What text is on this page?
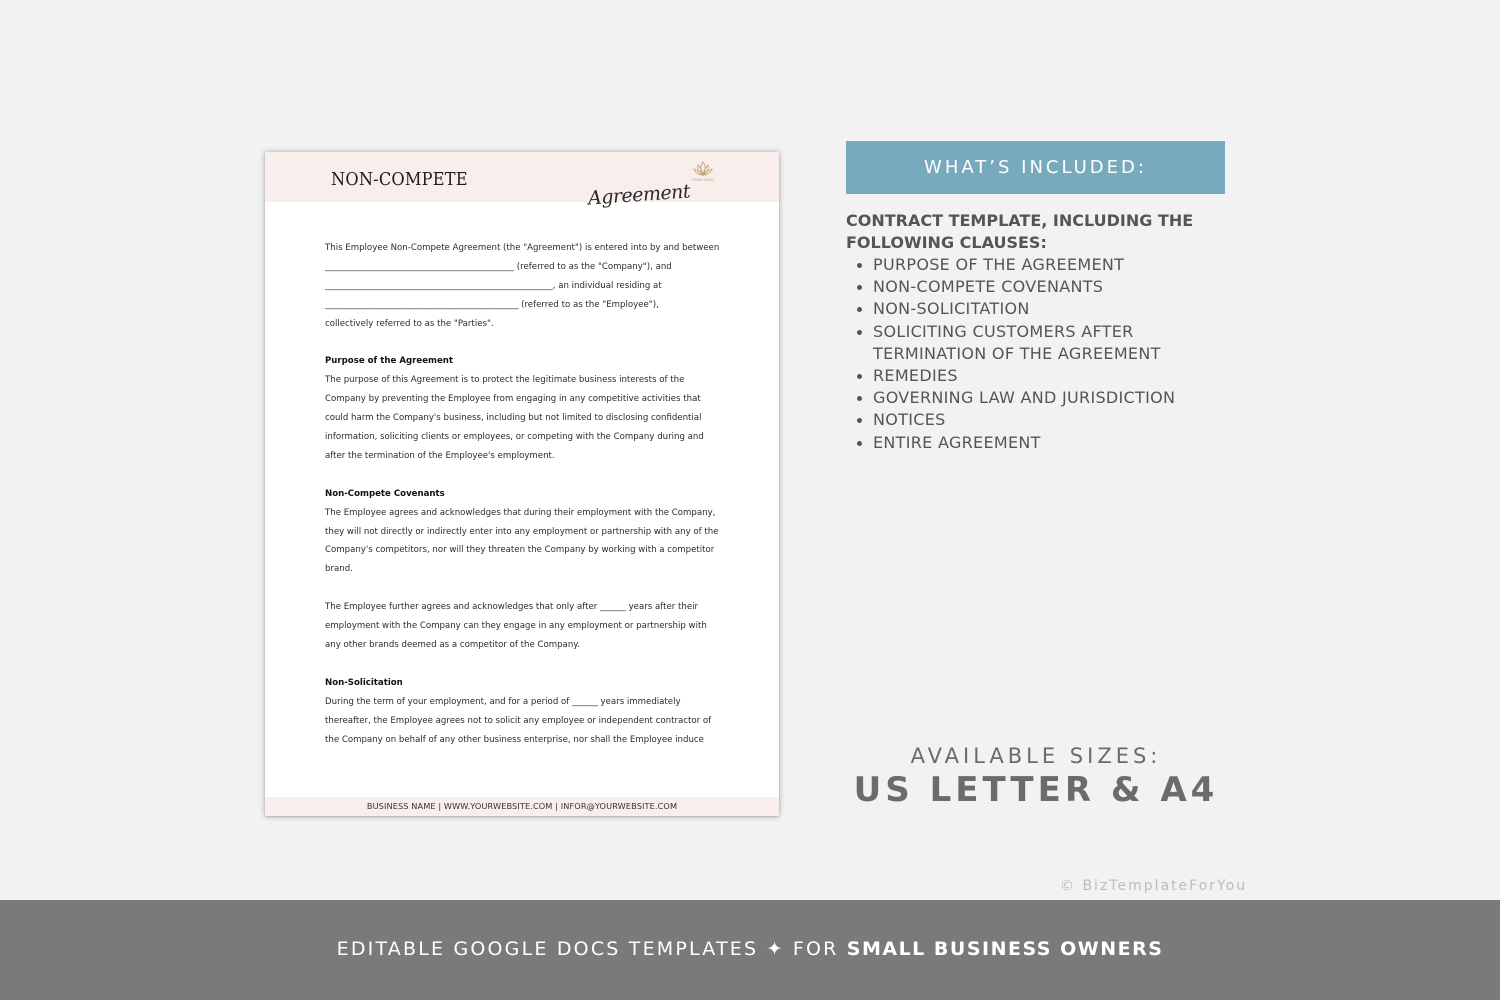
NON-COMPETE
Agreement
YOUR LOGO

This Employee Non-Compete Agreement (the "Agreement") is entered into by and between

____________________________________________ (referred to as the "Company"), and

_____________________________________________________, an individual residing at

_____________________________________________ (referred to as the "Employee"),

collectively referred to as the "Parties".

Purpose of the Agreement

The purpose of this Agreement is to protect the legitimate business interests of the

Company by preventing the Employee from engaging in any competitive activities that

could harm the Company's business, including but not limited to disclosing confidential

information, soliciting clients or employees, or competing with the Company during and

after the termination of the Employee's employment.

Non-Compete Covenants

The Employee agrees and acknowledges that during their employment with the Company,

they will not directly or indirectly enter into any employment or partnership with any of the

Company's competitors, nor will they threaten the Company by working with a competitor

brand.

The Employee further agrees and acknowledges that only after ______ years after their

employment with the Company can they engage in any employment or partnership with

any other brands deemed as a competitor of the Company.

Non-Solicitation

During the term of your employment, and for a period of ______ years immediately

thereafter, the Employee agrees not to solicit any employee or independent contractor of

the Company on behalf of any other business enterprise, nor shall the Employee induce

BUSINESS NAME | WWW.YOURWEBSITE.COM | INFOR@YOURWEBSITE.COM
WHAT’S INCLUDED:
CONTRACT TEMPLATE, INCLUDING THE FOLLOWING CLAUSES:
PURPOSE OF THE AGREEMENT
NON-COMPETE COVENANTS
NON-SOLICITATION
SOLICITING CUSTOMERS AFTER TERMINATION OF THE AGREEMENT
REMEDIES
GOVERNING LAW AND JURISDICTION
NOTICES
ENTIRE AGREEMENT
AVAILABLE SIZES:
US LETTER & A4
© BizTemplateForYou
EDITABLE GOOGLE DOCS TEMPLATES ✦ FOR SMALL BUSINESS OWNERS
